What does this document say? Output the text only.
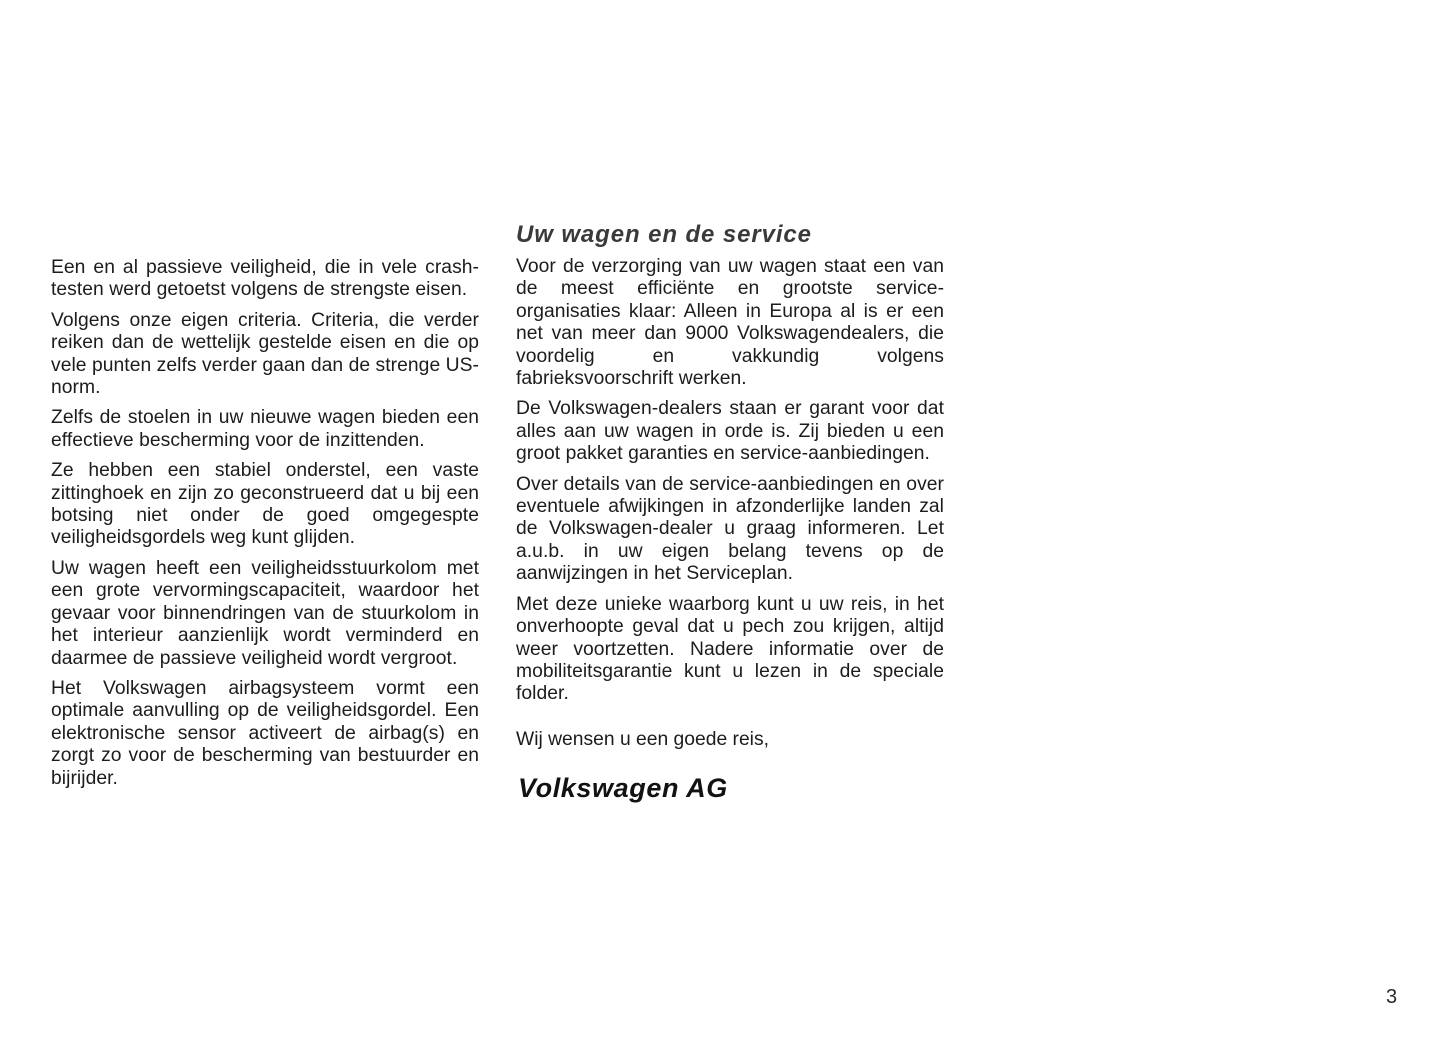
Een en al passieve veiligheid, die in vele crash-testen werd getoetst volgens de strengste eisen.

Volgens onze eigen criteria. Criteria, die verder reiken dan de wettelijk gestelde eisen en die op vele punten zelfs verder gaan dan de strenge US-norm.

Zelfs de stoelen in uw nieuwe wagen bieden een effectieve bescherming voor de inzittenden.

Ze hebben een stabiel onderstel, een vaste zittinghoek en zijn zo geconstrueerd dat u bij een botsing niet onder de goed omgegespte veiligheidsgordels weg kunt glijden.

Uw wagen heeft een veiligheidsstuurkolom met een grote vervormingscapaciteit, waardoor het gevaar voor binnendringen van de stuurkolom in het interieur aanzienlijk wordt verminderd en daarmee de passieve veiligheid wordt vergroot.

Het Volkswagen airbagsysteem vormt een optimale aanvulling op de veiligheidsgordel. Een elektronische sensor activeert de airbag(s) en zorgt zo voor de bescherming van bestuurder en bijrijder.

Uw wagen en de service

Voor de verzorging van uw wagen staat een van de meest efficiënte en grootste serviceorganisaties klaar: Alleen in Europa al is er een net van meer dan 9000 Volkswagendealers, die voordelig en vakkundig volgens fabrieksvoorschrift werken.

De Volkswagen-dealers staan er garant voor dat alles aan uw wagen in orde is. Zij bieden u een groot pakket garanties en service-aanbiedingen.

Over details van de service-aanbiedingen en over eventuele afwijkingen in afzonderlijke landen zal de Volkswagen-dealer u graag informeren. Let a.u.b. in uw eigen belang tevens op de aanwijzingen in het Serviceplan.

Met deze unieke waarborg kunt u uw reis, in het onverhoopte geval dat u pech zou krijgen, altijd weer voortzetten. Nadere informatie over de mobiliteitsgarantie kunt u lezen in de speciale folder.

Wij wensen u een goede reis,

Volkswagen AG

3
